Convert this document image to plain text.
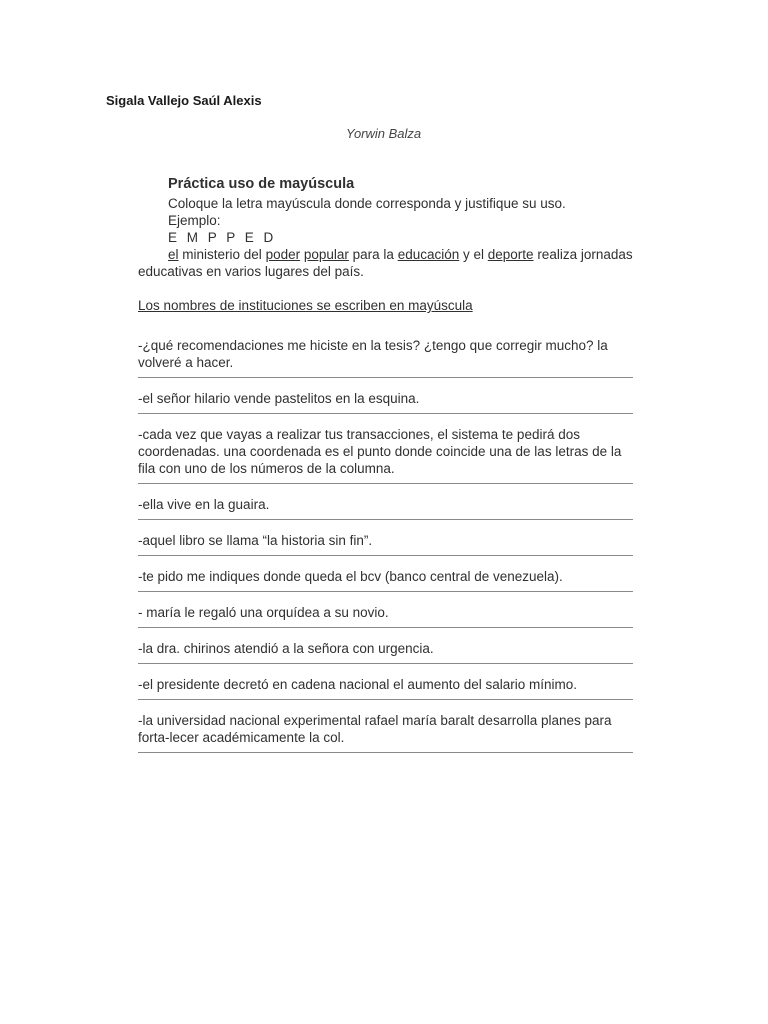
Sigala Vallejo Saúl Alexis
Yorwin Balza
Práctica uso de mayúscula
Coloque la letra mayúscula donde corresponda y justifique su uso.
Ejemplo:
E M P P E D
el ministerio del poder popular para la educación y el deporte realiza jornadas
educativas en varios lugares del país.
Los nombres de instituciones se escriben en mayúscula

-¿qué recomendaciones me hiciste en la tesis? ¿tengo que corregir mucho? la volveré a hacer.

-el señor hilario vende pastelitos en la esquina.

-cada vez que vayas a realizar tus transacciones, el sistema te pedirá dos coordenadas. una coordenada es el punto donde coincide una de las letras de la fila con uno de los números de la columna.

-ella vive en la guaira.

-aquel libro se llama “la historia sin fin”.

-te pido me indiques donde queda el bcv (banco central de venezuela).

- maría le regaló una orquídea a su novio.

-la dra. chirinos atendió a la señora con urgencia.

-el presidente decretó en cadena nacional el aumento del salario mínimo.

-la universidad nacional experimental rafael maría baralt desarrolla planes para forta-lecer académicamente la col.
